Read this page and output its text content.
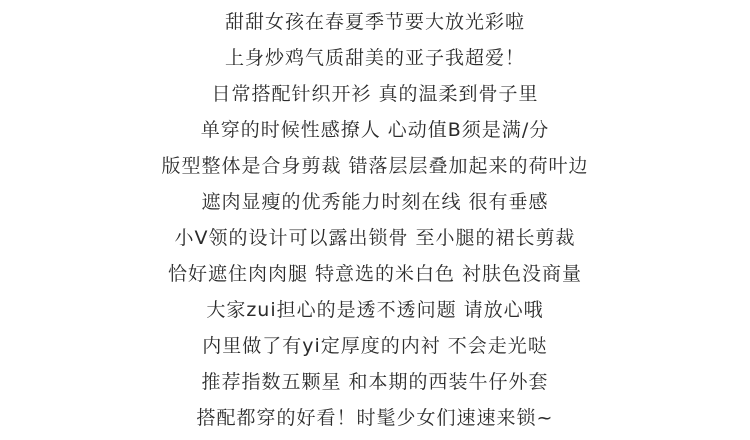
甜甜女孩在春夏季节要大放光彩啦
上身炒鸡气质甜美的亚子我超爱！
日常搭配针织开衫 真的温柔到骨子里
单穿的时候性感撩人 心动值B须是满/分
版型整体是合身剪裁 错落层层叠加起来的荷叶边
遮肉显瘦的优秀能力时刻在线 很有垂感
小V领的设计可以露出锁骨 至小腿的裙长剪裁
恰好遮住肉肉腿 特意选的米白色 衬肤色没商量
大家zui担心的是透不透问题 请放心哦
内里做了有yi定厚度的内衬 不会走光哒
推荐指数五颗星 和本期的西装牛仔外套
搭配都穿的好看！时髦少女们速速来锁~
